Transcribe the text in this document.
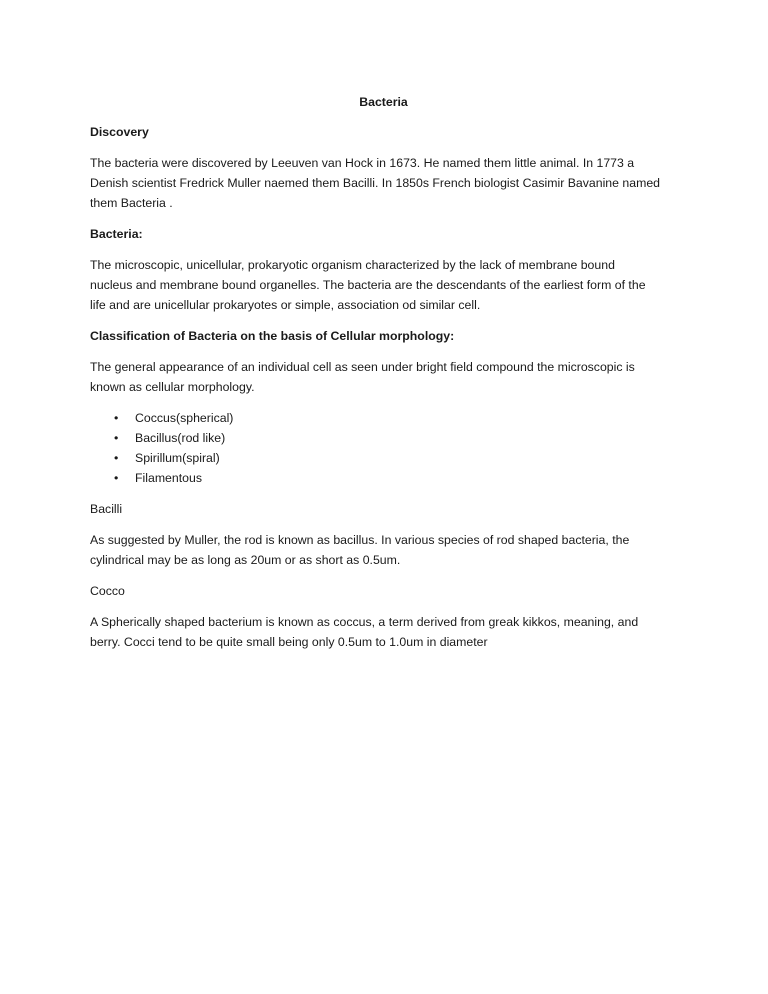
Bacteria
Discovery
The bacteria were discovered by Leeuven van Hock in 1673. He named them little animal. In 1773 a
Denish scientist Fredrick Muller naemed them Bacilli. In 1850s French biologist Casimir Bavanine named
them Bacteria .
Bacteria:
The microscopic, unicellular, prokaryotic organism characterized by the lack of membrane bound
nucleus and membrane bound organelles. The bacteria are the descendants of the earliest form of the
life and are unicellular prokaryotes or simple, association od similar cell.
Classification of Bacteria on the basis of Cellular morphology:
The general appearance of an individual cell as seen under bright field compound the microscopic is
known as cellular morphology.
• Coccus(spherical)
• Bacillus(rod like)
• Spirillum(spiral)
• Filamentous
Bacilli
As suggested by Muller, the rod is known as bacillus. In various species of rod shaped bacteria, the
cylindrical may be as long as 20um or as short as 0.5um.
Cocco
A Spherically shaped bacterium is known as coccus, a term derived from greak kikkos, meaning, and
berry. Cocci tend to be quite small being only 0.5um to 1.0um in diameter
